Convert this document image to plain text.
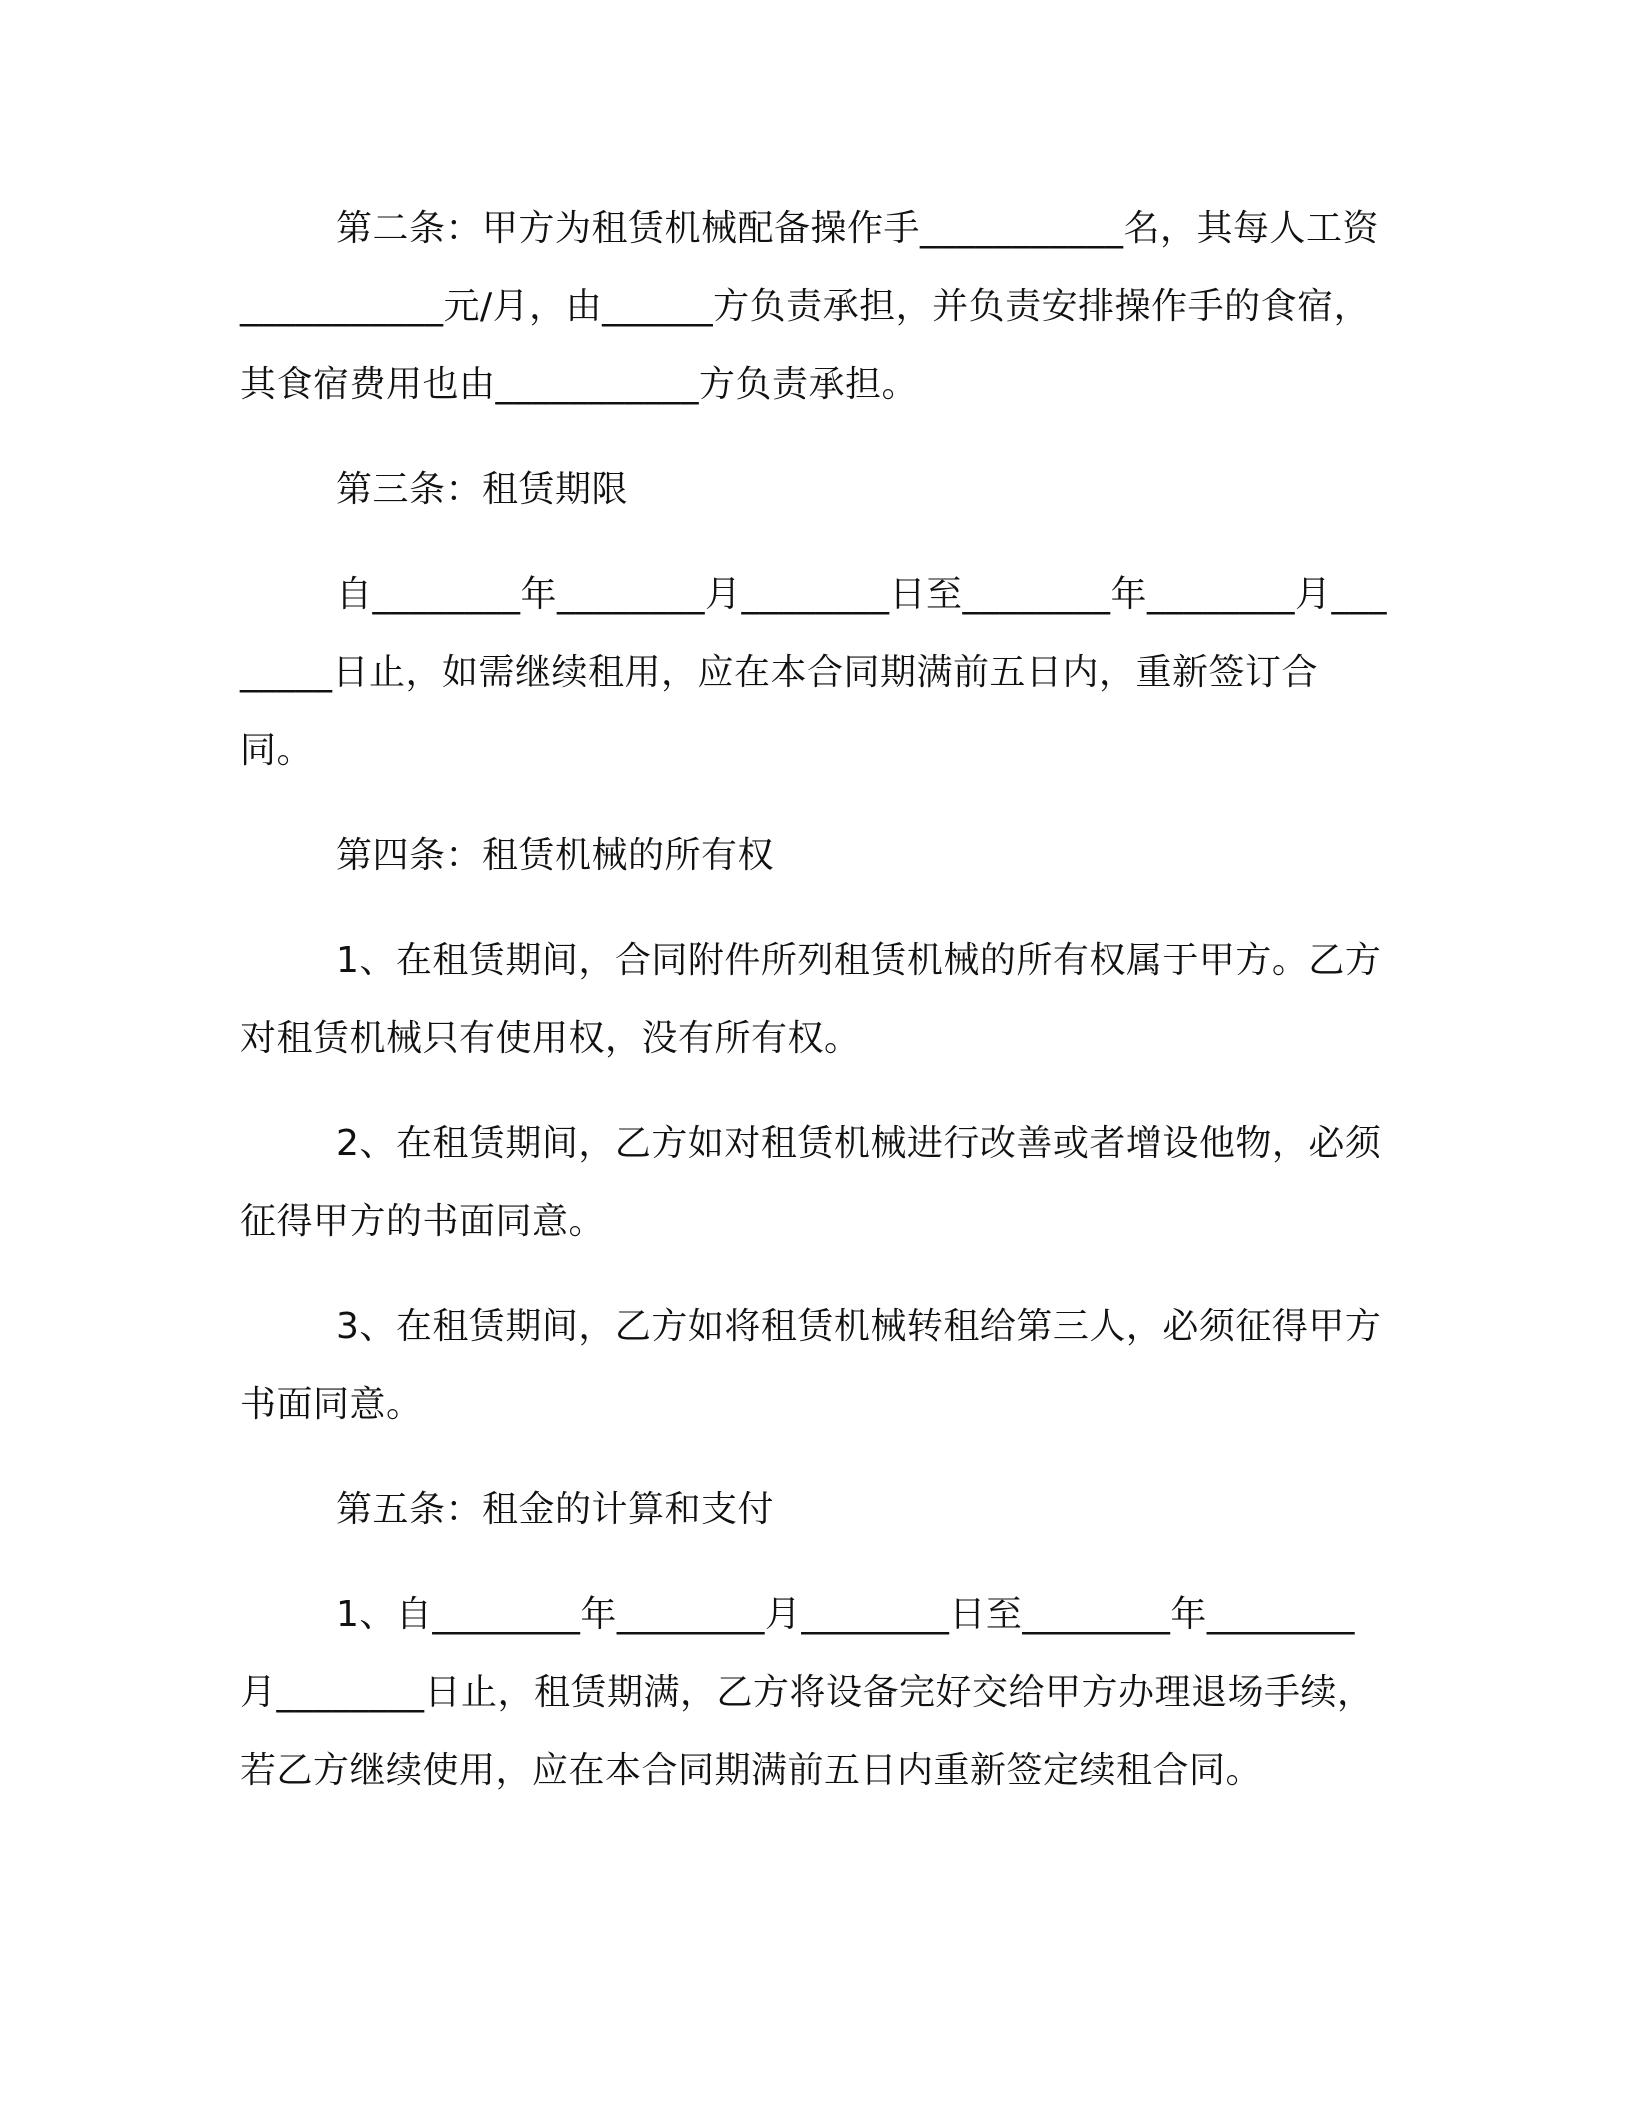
第二条：甲方为租赁机械配备操作手___________名，其每人工资___________元/月，由______方负责承担，并负责安排操作手的食宿，其食宿费用也由___________方负责承担。

第三条：租赁期限

自________年________月________日至________年________月________日止，如需继续租用，应在本合同期满前五日内，重新签订合同。

第四条：租赁机械的所有权

1、在租赁期间，合同附件所列租赁机械的所有权属于甲方。乙方对租赁机械只有使用权，没有所有权。

2、在租赁期间，乙方如对租赁机械进行改善或者增设他物，必须征得甲方的书面同意。

3、在租赁期间，乙方如将租赁机械转租给第三人，必须征得甲方书面同意。

第五条：租金的计算和支付

1、自________年________月________日至________年________月________日止，租赁期满，乙方将设备完好交给甲方办理退场手续，若乙方继续使用，应在本合同期满前五日内重新签定续租合同。
